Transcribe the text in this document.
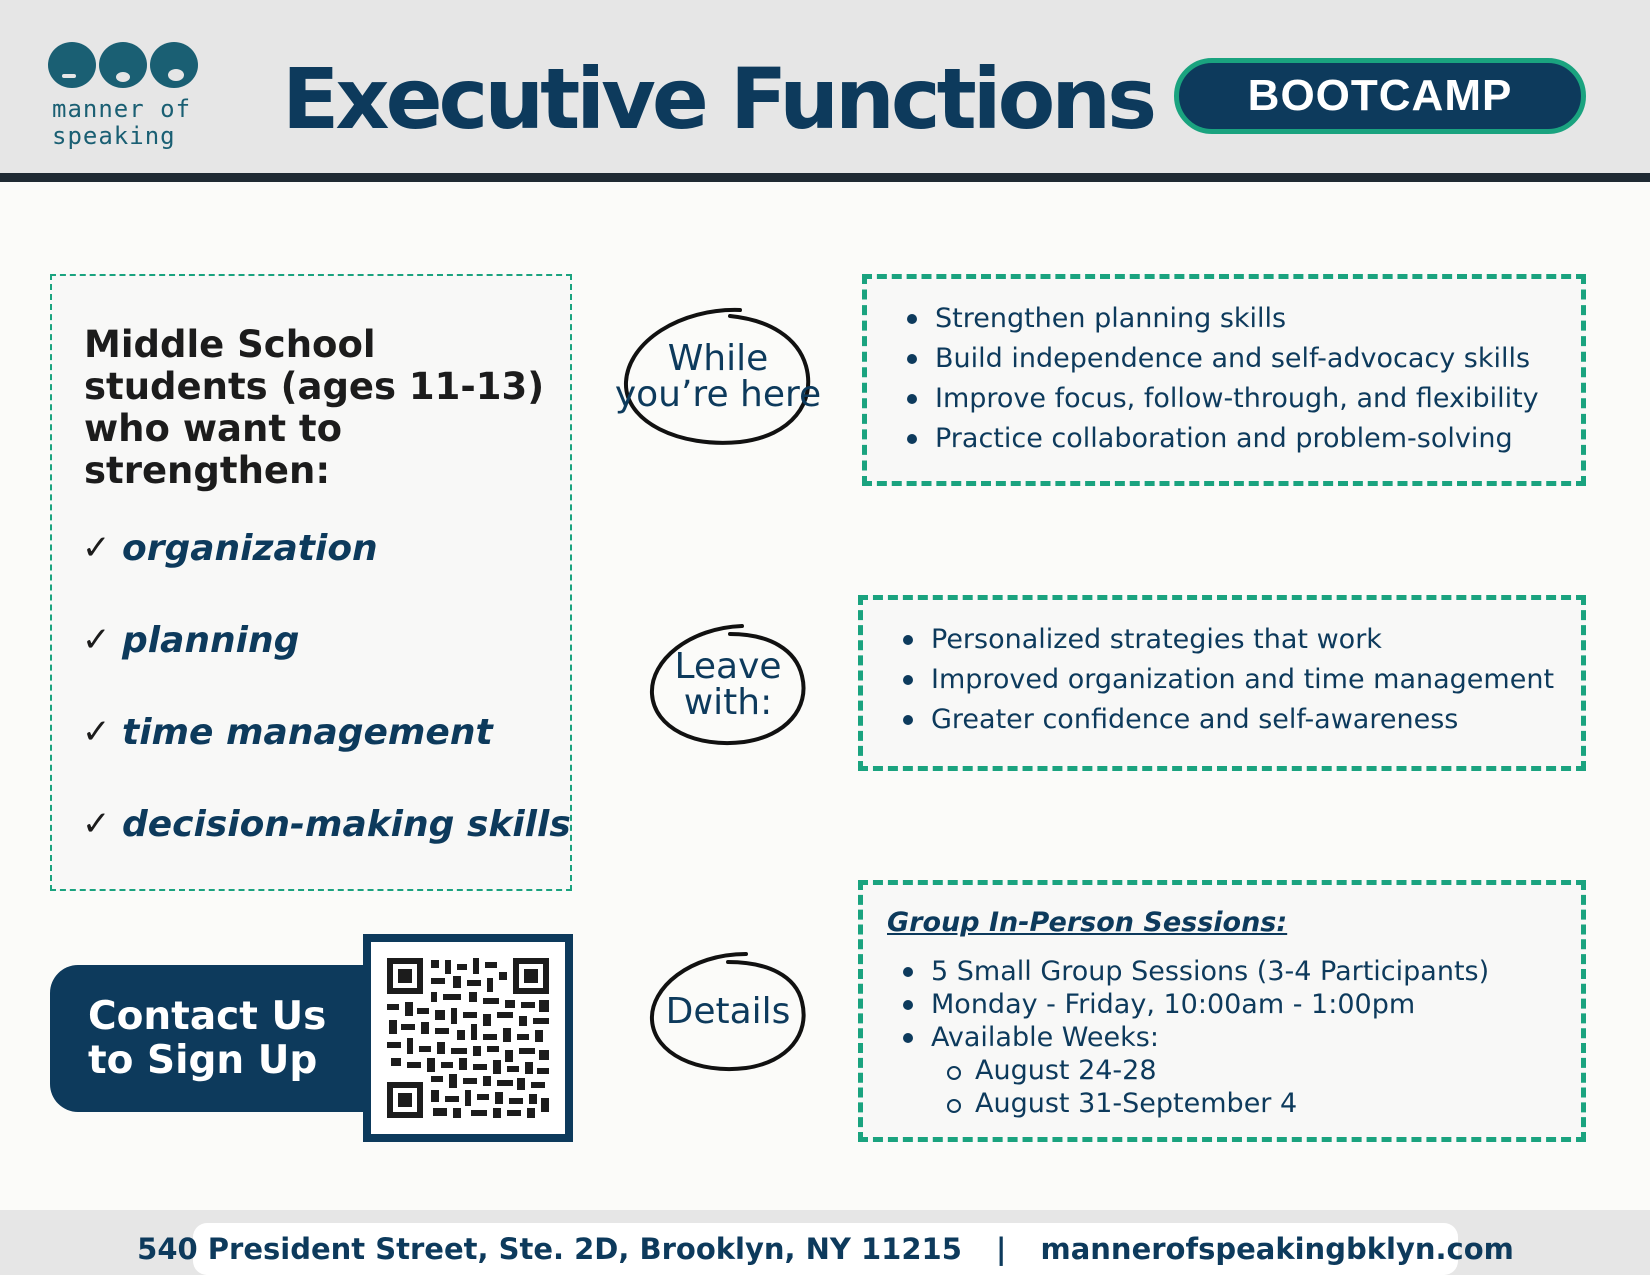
manner of
speaking	Executive Functions	BOOTCAMP
Middle School students (ages 11-13) who want to strengthen:
✓ organization
✓ planning
✓ time management
✓ decision-making skills
Contact Us
to Sign Up
While
you’re here
Leave
with:
Details
Strengthen planning skills
Build independence and self-advocacy skills
Improve focus, follow-through, and flexibility
Practice collaboration and problem-solving
Personalized strategies that work
Improved organization and time management
Greater confidence and self-awareness
Group In-Person Sessions:
5 Small Group Sessions (3-4 Participants)
Monday - Friday, 10:00am - 1:00pm
Available Weeks:
August 24-28
August 31-September 4
540 President Street, Ste. 2D, Brooklyn, NY 11215 | mannerofspeakingbklyn.com
